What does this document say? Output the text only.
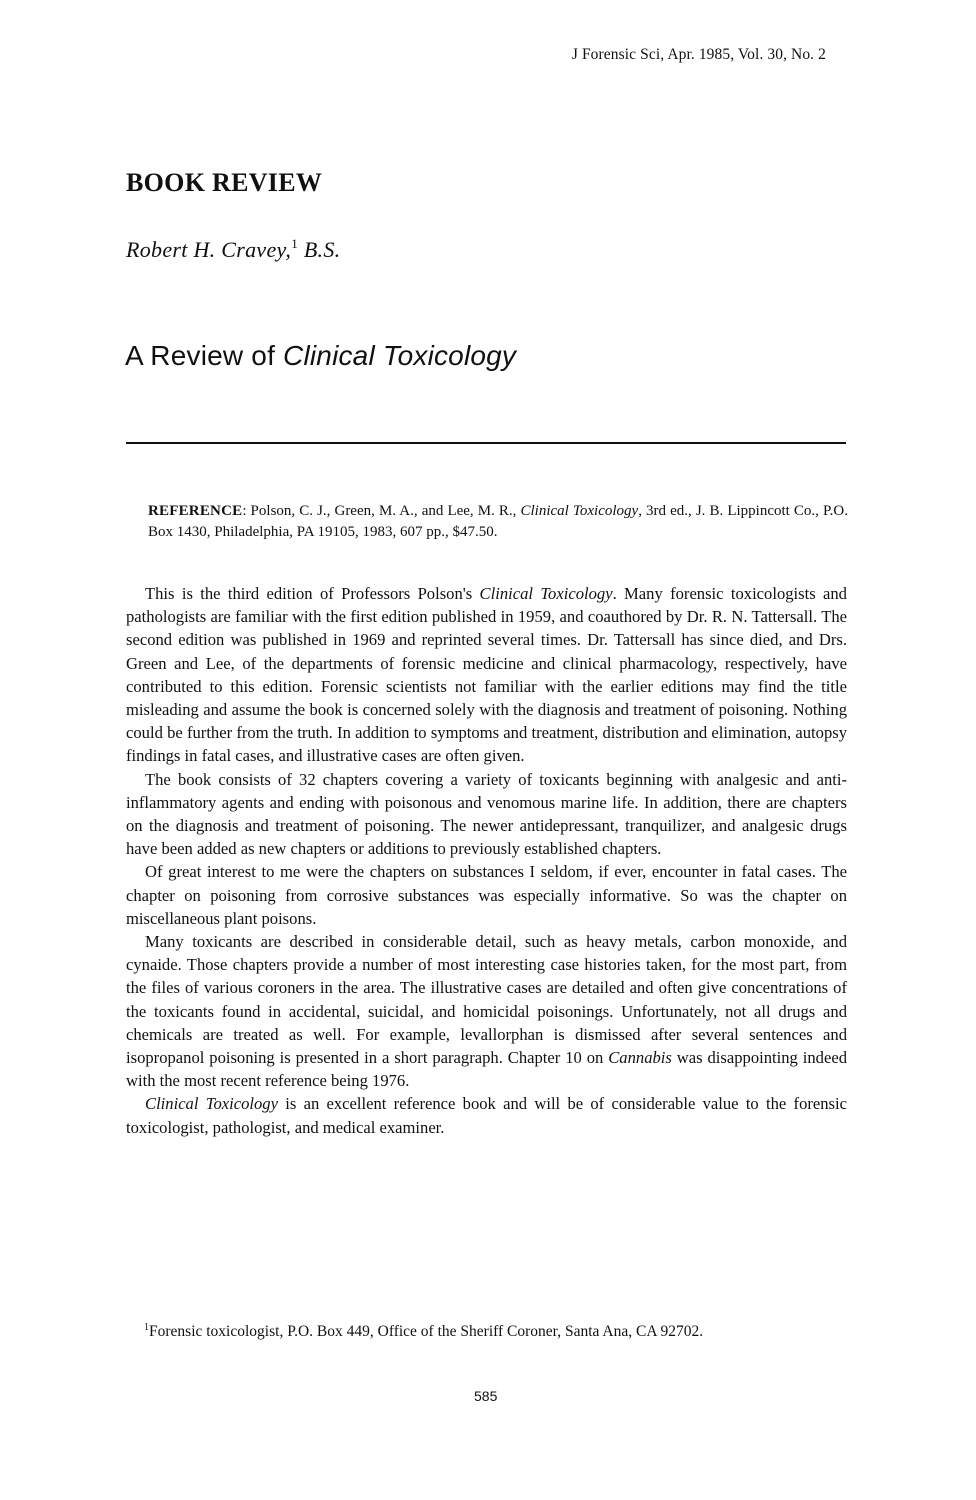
J Forensic Sci, Apr. 1985, Vol. 30, No. 2
BOOK REVIEW
Robert H. Cravey,$^1$ B.S.
A Review of Clinical Toxicology
REFERENCE: Polson, C. J., Green, M. A., and Lee, M. R., Clinical Toxicology, 3rd ed., J. B. Lippincott Co., P.O. Box 1430, Philadelphia, PA 19105, 1983, 607 pp., $47.50.

This is the third edition of Professors Polson's Clinical Toxicology. Many forensic toxicologists and pathologists are familiar with the first edition published in 1959, and coauthored by Dr. R. N. Tattersall. The second edition was published in 1969 and reprinted several times. Dr. Tattersall has since died, and Drs. Green and Lee, of the departments of forensic medicine and clinical pharmacology, respectively, have contributed to this edition. Forensic scientists not familiar with the earlier editions may find the title misleading and assume the book is concerned solely with the diagnosis and treatment of poisoning. Nothing could be further from the truth. In addition to symptoms and treatment, distribution and elimination, autopsy findings in fatal cases, and illustrative cases are often given.

The book consists of 32 chapters covering a variety of toxicants beginning with analgesic and anti-inflammatory agents and ending with poisonous and venomous marine life. In addition, there are chapters on the diagnosis and treatment of poisoning. The newer antidepressant, tranquilizer, and analgesic drugs have been added as new chapters or additions to previously established chapters.

Of great interest to me were the chapters on substances I seldom, if ever, encounter in fatal cases. The chapter on poisoning from corrosive substances was especially informative. So was the chapter on miscellaneous plant poisons.

Many toxicants are described in considerable detail, such as heavy metals, carbon monoxide, and cynaide. Those chapters provide a number of most interesting case histories taken, for the most part, from the files of various coroners in the area. The illustrative cases are detailed and often give concentrations of the toxicants found in accidental, suicidal, and homicidal poisonings. Unfortunately, not all drugs and chemicals are treated as well. For example, levallorphan is dismissed after several sentences and isopropanol poisoning is presented in a short paragraph. Chapter 10 on Cannabis was disappointing indeed with the most recent reference being 1976.

Clinical Toxicology is an excellent reference book and will be of considerable value to the forensic toxicologist, pathologist, and medical examiner.

$^1$Forensic toxicologist, P.O. Box 449, Office of the Sheriff Coroner, Santa Ana, CA 92702.
585
